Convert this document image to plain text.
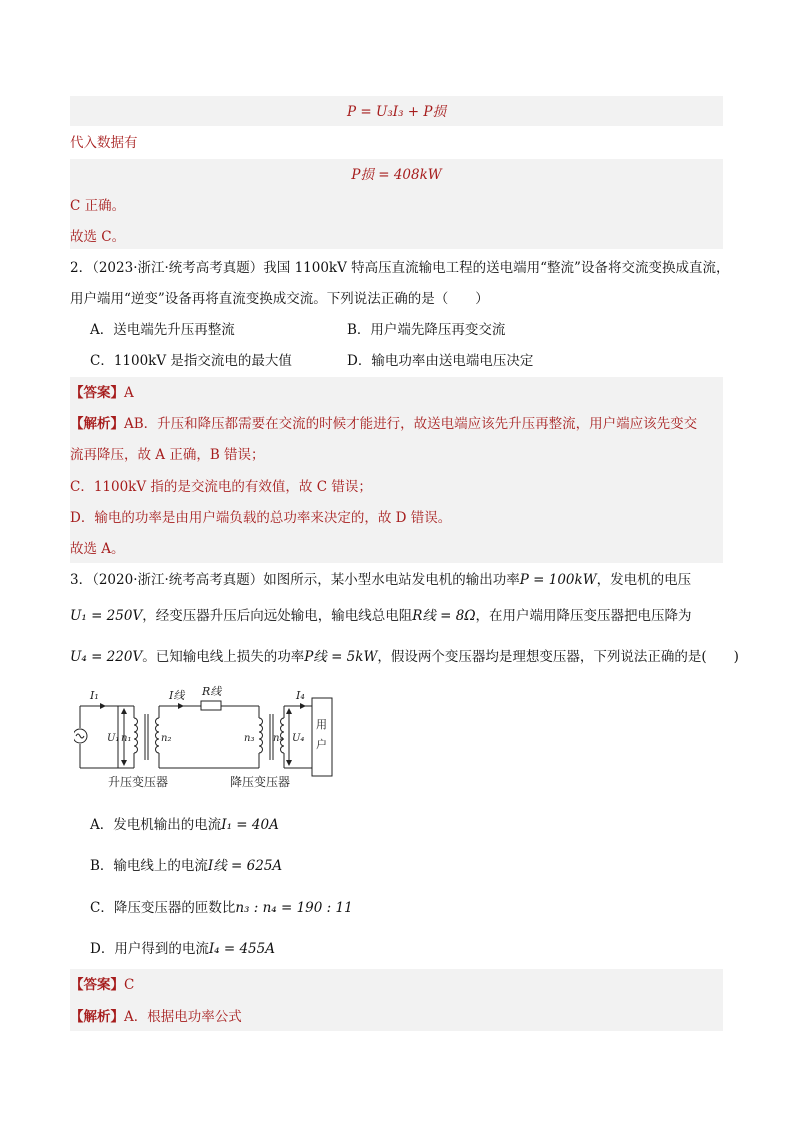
P = U₃I₃ + P损
代入数据有
P损 = 408kW
C 正确。
故选 C。
2．（2023·浙江·统考高考真题）我国 1100kV 特高压直流输电工程的送电端用“整流”设备将交流变换成直流，
用户端用“逆变”设备再将直流变换成交流。下列说法正确的是（　　）
A．送电端先升压再整流	B．用户端先降压再变交流
C．1100kV 是指交流电的最大值	D．输电功率由送电端电压决定
【答案】A
【解析】AB．升压和降压都需要在交流的时候才能进行，故送电端应该先升压再整流，用户端应该先变交
流再降压，故 A 正确，B 错误；
C．1100kV 指的是交流电的有效值，故 C 错误；
D．输电的功率是由用户端负载的总功率来决定的，故 D 错误。
故选 A。
3．（2020·浙江·统考高考真题）如图所示，某小型水电站发电机的输出功率P = 100kW，发电机的电压
U₁ = 250V，经变压器升压后向远处输电，输电线总电阻R线 = 8Ω，在用户端用降压变压器把电压降为
U₄ = 220V。已知输电线上损失的功率P线 = 5kW，假设两个变压器均是理想变压器，下列说法正确的是(　　)
I₁	I线 R线	I₄
U₁ n₁	n₂	n₃ n₄ U₄
用
户
升压变压器	降压变压器
A．发电机输出的电流I₁ = 40A
B．输电线上的电流I线 = 625A
C．降压变压器的匝数比n₃ : n₄ = 190 : 11
D．用户得到的电流I₄ = 455A
【答案】C
【解析】A．根据电功率公式
